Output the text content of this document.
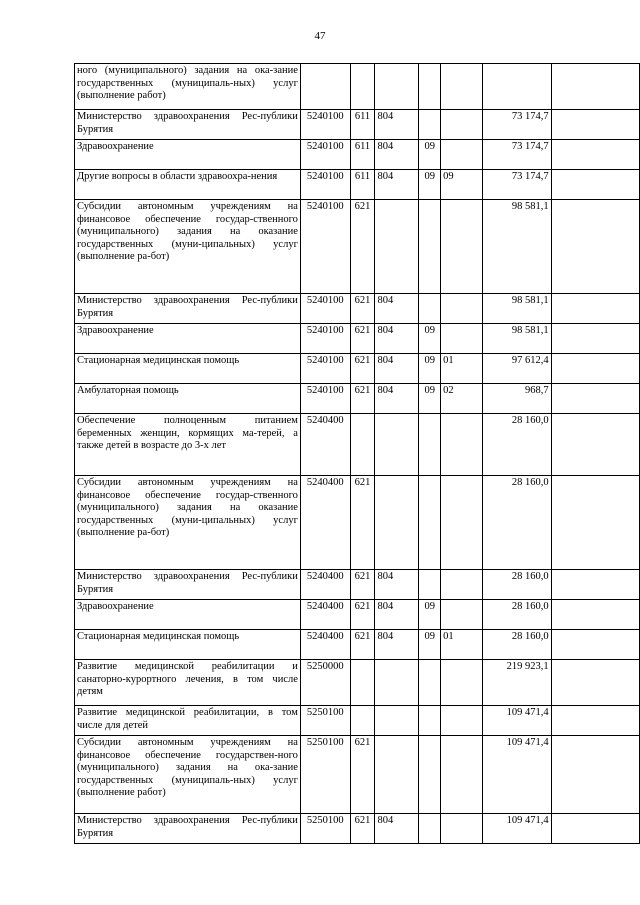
47
ного (муниципального) задания на ока-зание государственных (муниципаль-ных) услуг (выполнение работ)	

Министерство здравоохранения Рес-публики Бурятия	5240100	611	804			73 174,7	
Здравоохранение	5240100	611	804	09		73 174,7	
Другие вопросы в области здравоохра-нения	5240100	611	804	09	09	73 174,7	
Субсидии автономным учреждениям на финансовое обеспечение государ-ственного (муниципального) задания на оказание государственных (муни-ципальных) услуг (выполнение ра-бот)	5240100	621				98 581,1	
Министерство здравоохранения Рес-публики Бурятия	5240100	621	804			98 581,1	
Здравоохранение	5240100	621	804	09		98 581,1	
Стационарная медицинская помощь	5240100	621	804	09	01	97 612,4	
Амбулаторная помощь	5240100	621	804	09	02	968,7	
Обеспечение полноценным питанием беременных женщин, кормящих ма-терей, а также детей в возрасте до 3-х лет	5240400					28 160,0	
Субсидии автономным учреждениям на финансовое обеспечение государ-ственного (муниципального) задания на оказание государственных (муни-ципальных) услуг (выполнение ра-бот)	5240400	621				28 160,0	
Министерство здравоохранения Рес-публики Бурятия	5240400	621	804			28 160,0	
Здравоохранение	5240400	621	804	09		28 160,0	
Стационарная медицинская помощь	5240400	621	804	09	01	28 160,0	
Развитие медицинской реабилитации и санаторно-курортного лечения, в том числе детям	5250000					219 923,1	
Развитие медицинской реабилитации, в том числе для детей	5250100					109 471,4	
Субсидии автономным учреждениям на финансовое обеспечение государствен-ного (муниципального) задания на ока-зание государственных (муниципаль-ных) услуг (выполнение работ)	5250100	621				109 471,4	
Министерство здравоохранения Рес-публики Бурятия	5250100	621	804			109 471,4	
